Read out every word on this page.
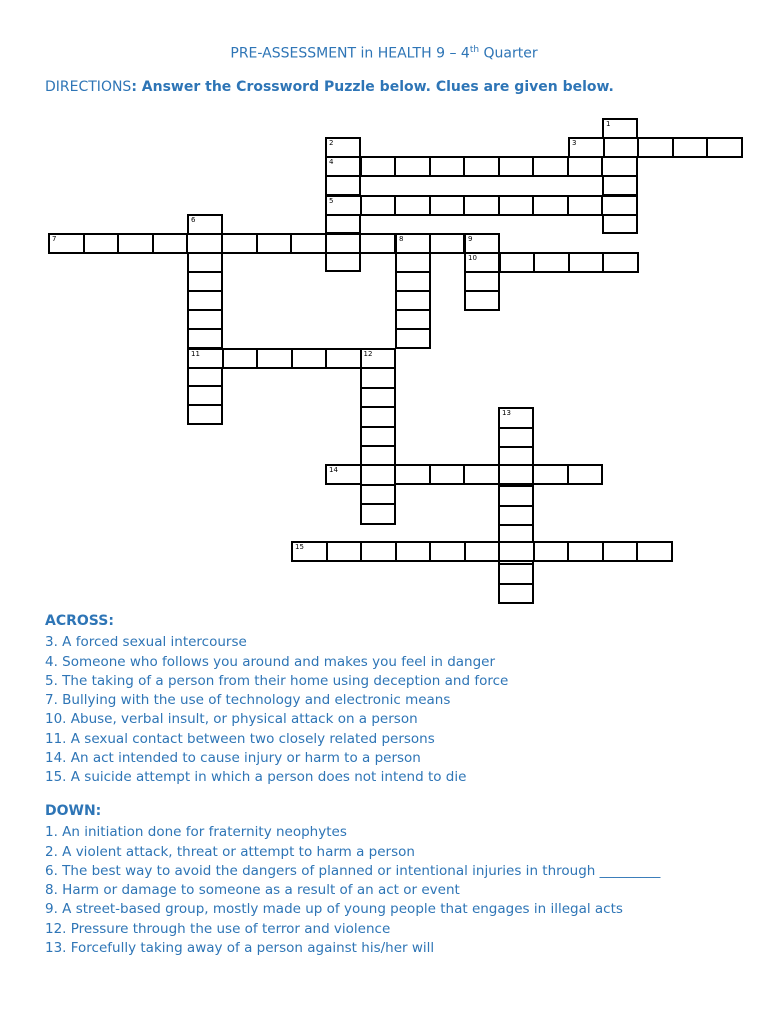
PRE-ASSESSMENT in HEALTH 9 – 4th Quarter
DIRECTIONS: Answer the Crossword Puzzle below. Clues are given below.
1
2
4
3
5
6
7	8	9
10
11	12
13
14
15
ACROSS:
3. A forced sexual intercourse
4. Someone who follows you around and makes you feel in danger
5. The taking of a person from their home using deception and force
7. Bullying with the use of technology and electronic means
10. Abuse, verbal insult, or physical attack on a person
11. A sexual contact between two closely related persons
14. An act intended to cause injury or harm to a person
15. A suicide attempt in which a person does not intend to die
DOWN:
1. An initiation done for fraternity neophytes
2. A violent attack, threat or attempt to harm a person
6. The best way to avoid the dangers of planned or intentional injuries in through _________
8. Harm or damage to someone as a result of an act or event
9. A street-based group, mostly made up of young people that engages in illegal acts
12. Pressure through the use of terror and violence
13. Forcefully taking away of a person against his/her will
